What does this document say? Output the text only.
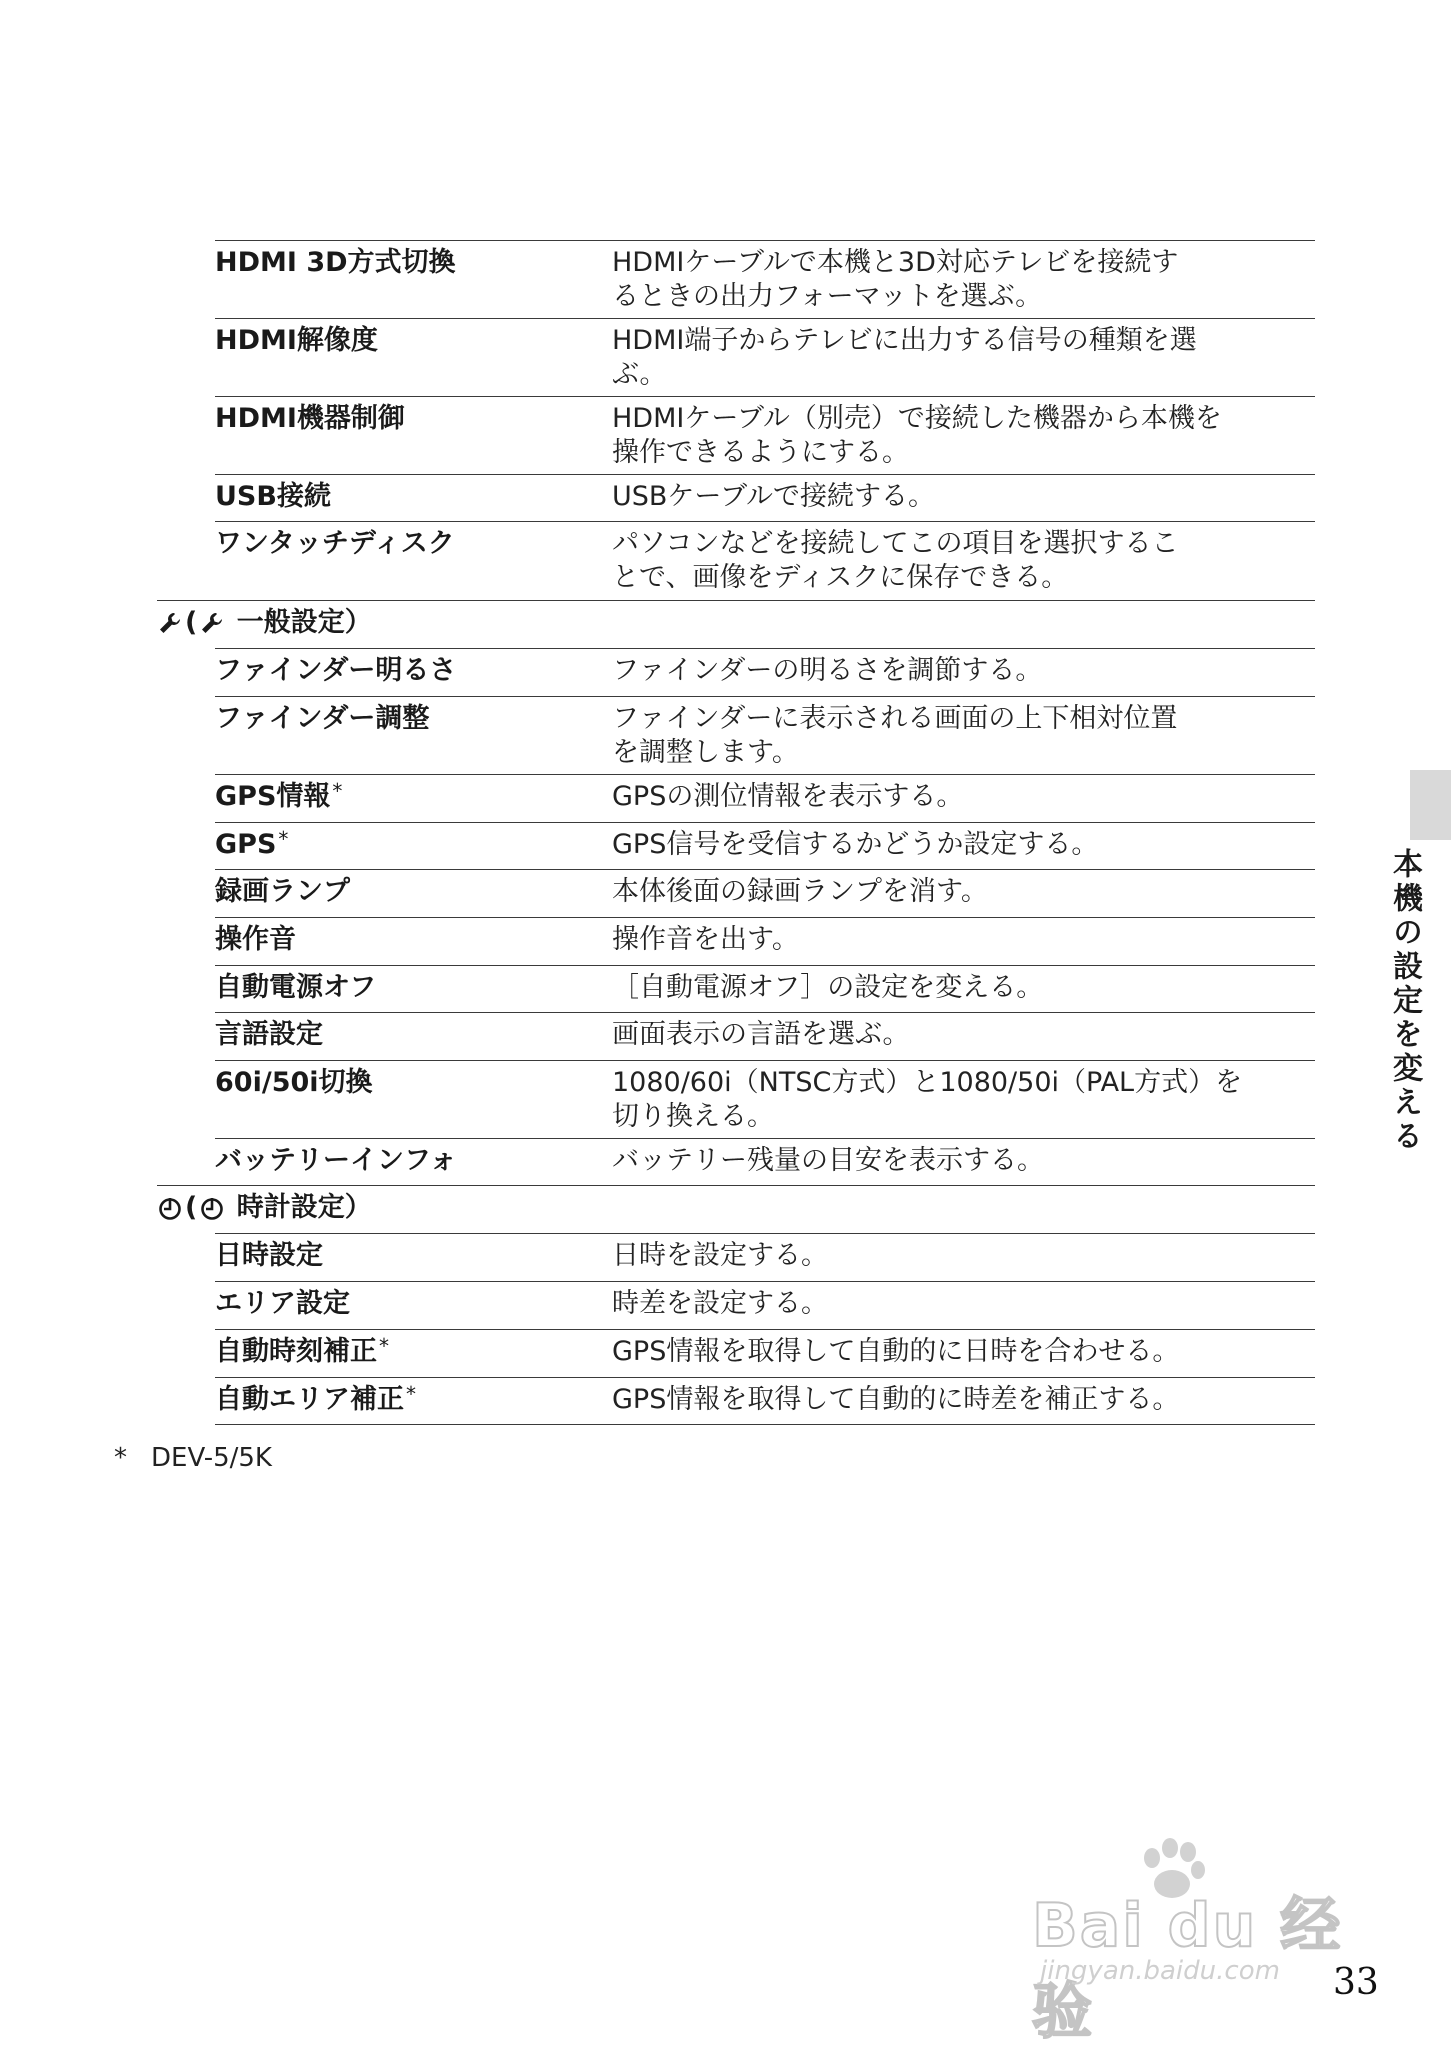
HDMI 3D方式切換	HDMIケーブルで本機と3D対応テレビを接続す
るときの出力フォーマットを選ぶ。
HDMI解像度	HDMI端子からテレビに出力する信号の種類を選
ぶ。
HDMI機器制御	HDMIケーブル（別売）で接続した機器から本機を
操作できるようにする。
USB接続	USBケーブルで接続する。
ワンタッチディスク	パソコンなどを接続してこの項目を選択するこ
とで、画像をディスクに保存できる。
( 一般設定）
ファインダー明るさ	ファインダーの明るさを調節する。
ファインダー調整	ファインダーに表示される画面の上下相対位置
を調整します。
GPS情報 *	GPSの測位情報を表示する。
GPS *	GPS信号を受信するかどうか設定する。
録画ランプ	本体後面の録画ランプを消す。
操作音	操作音を出す。
自動電源オフ	［自動電源オフ］の設定を変える。
言語設定	画面表示の言語を選ぶ。
60i/50i切換	1080/60i（NTSC方式）と1080/50i（PAL方式）を
切り換える。
バッテリーインフォ	バッテリー残量の目安を表示する。
( 時計設定）
日時設定	日時を設定する。
エリア設定	時差を設定する。
自動時刻補正 *	GPS情報を取得して自動的に日時を合わせる。
自動エリア補正 *	GPS情報を取得して自動的に時差を補正する。
本機の設定を変える
* DEV-5/5K
Bai du 经验
jingyan.baidu.com 33
